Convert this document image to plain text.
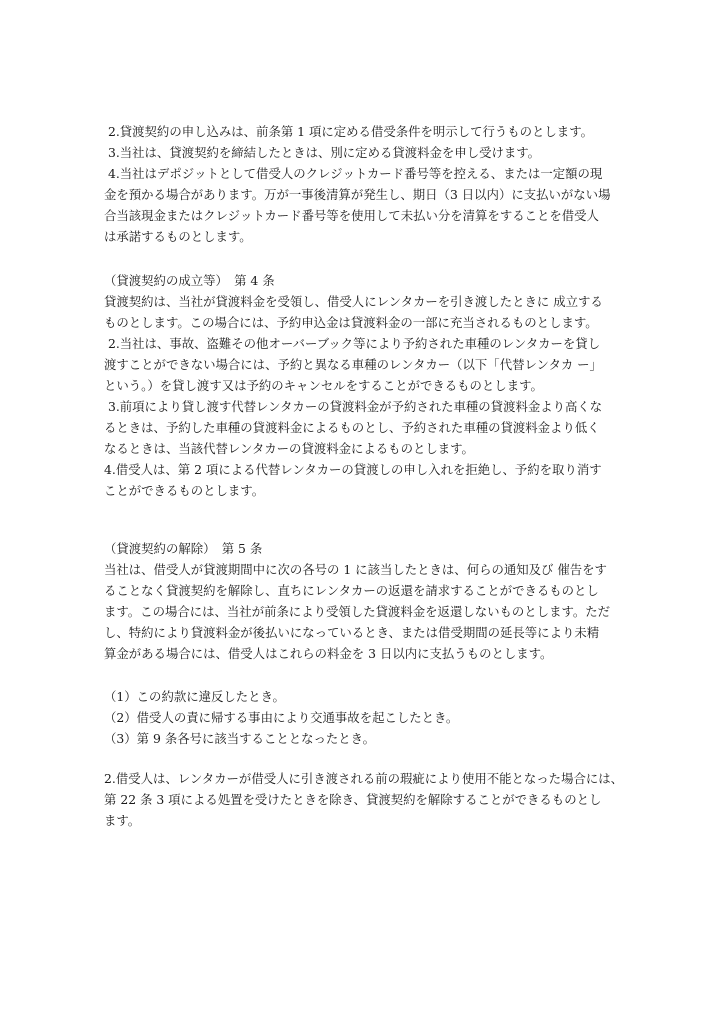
2.貸渡契約の申し込みは、前条第 1 項に定める借受条件を明示して行うものとします。
3.当社は、貸渡契約を締結したときは、別に定める貸渡料金を申し受けます。
4.当社はデポジットとして借受人のクレジットカード番号等を控える、または一定額の現
金を預かる場合があります。万が一事後清算が発生し、期日（3 日以内）に支払いがない場
合当該現金またはクレジットカード番号等を使用して未払い分を清算をすることを借受人
は承諾するものとします。
（貸渡契約の成立等）　第 4 条
貸渡契約は、当社が貸渡料金を受領し、借受人にレンタカーを引き渡したときに 成立する
ものとします。この場合には、予約申込金は貸渡料金の一部に充当されるものとします。
2.当社は、事故、盗難その他オーバーブック等により予約された車種のレンタカーを貸し
渡すことができない場合には、予約と異なる車種のレンタカー（以下「代替レンタカ ー」
という。）を貸し渡す又は予約のキャンセルをすることができるものとします。
3.前項により貸し渡す代替レンタカーの貸渡料金が予約された車種の貸渡料金より高くな
るときは、予約した車種の貸渡料金によるものとし、予約された車種の貸渡料金より低く
なるときは、当該代替レンタカーの貸渡料金によるものとします。
4.借受人は、第 2 項による代替レンタカーの貸渡しの申し入れを拒絶し、予約を取り消す
ことができるものとします。
（貸渡契約の解除）　第 5 条
当社は、借受人が貸渡期間中に次の各号の 1 に該当したときは、何らの通知及び 催告をす
ることなく貸渡契約を解除し、直ちにレンタカーの返還を請求することができるものとし
ます。この場合には、当社が前条により受領した貸渡料金を返還しないものとします。ただ
し、特約により貸渡料金が後払いになっているとき、または借受期間の延長等により未精
算金がある場合には、借受人はこれらの料金を 3 日以内に支払うものとします。
（1）この約款に違反したとき。
（2）借受人の責に帰する事由により交通事故を起こしたとき。
（3）第 9 条各号に該当することとなったとき。
2.借受人は、レンタカーが借受人に引き渡される前の瑕疵により使用不能となった場合には、
第 22 条 3 項による処置を受けたときを除き、貸渡契約を解除することができるものとし
ます。
